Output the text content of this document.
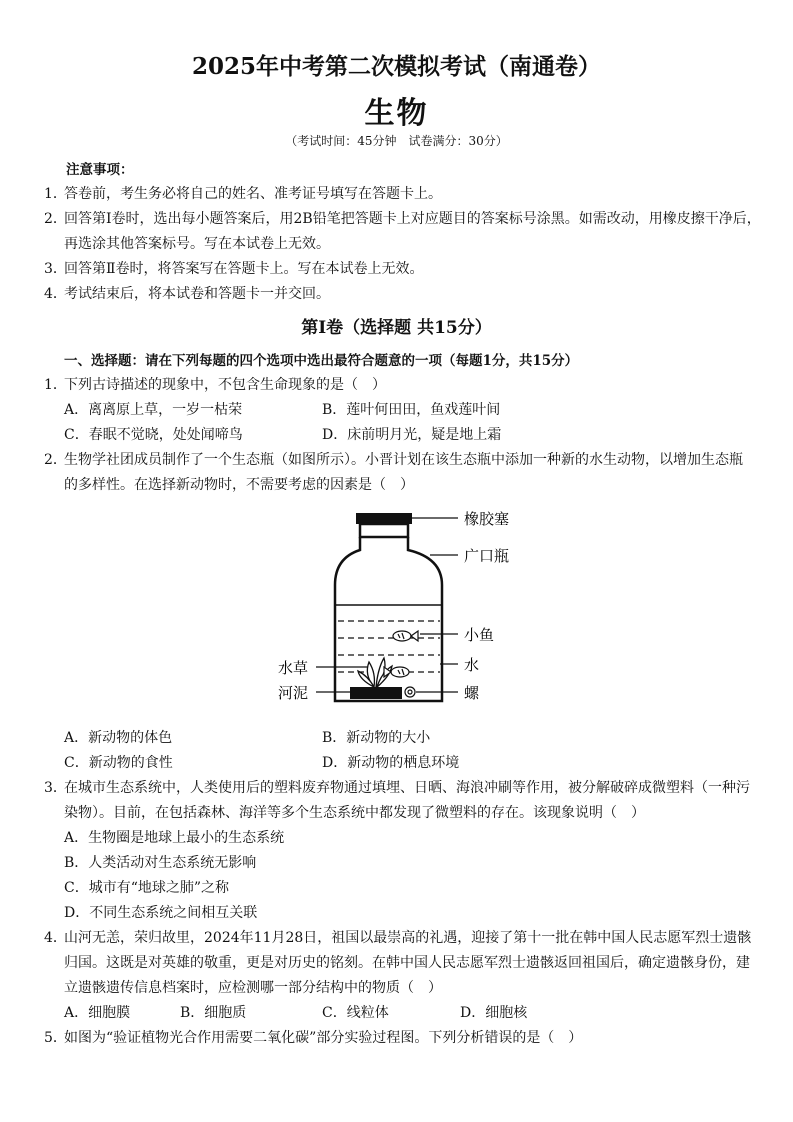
2025年中考第二次模拟考试（南通卷）
生物
（考试时间：45分钟　试卷满分：30分）
注意事项：
1．
答卷前，考生务必将自己的姓名、准考证号填写在答题卡上。
2．
回答第Ⅰ卷时，选出每小题答案后，用2B铅笔把答题卡上对应题目的答案标号涂黑。如需改动，用橡皮擦干净后，
再选涂其他答案标号。写在本试卷上无效。
3．
回答第Ⅱ卷时，将答案写在答题卡上。写在本试卷上无效。
4．
考试结束后，将本试卷和答题卡一并交回。
第Ⅰ卷（选择题 共15分）
一、选择题：请在下列每题的四个选项中选出最符合题意的一项（每题1分，共15分）
1．
下列古诗描述的现象中，不包含生命现象的是（　）
A．离离原上草，一岁一枯荣	B．莲叶何田田，鱼戏莲叶间
C．春眠不觉晓，处处闻啼鸟	D．床前明月光，疑是地上霜
2．
生物学社团成员制作了一个生态瓶（如图所示）。小晋计划在该生态瓶中添加一种新的水生动物，以增加生态瓶
的多样性。在选择新动物时，不需要考虑的因素是（　）
橡胶塞
广口瓶
小鱼
水
螺
水草
河泥
A．新动物的体色	B．新动物的大小
C．新动物的食性	D．新动物的栖息环境
3．
在城市生态系统中，人类使用后的塑料废弃物通过填埋、日晒、海浪冲刷等作用，被分解破碎成微塑料（一种污
染物）。目前，在包括森林、海洋等多个生态系统中都发现了微塑料的存在。该现象说明（　）
A．生物圈是地球上最小的生态系统
B．人类活动对生态系统无影响
C．城市有“地球之肺”之称
D．不同生态系统之间相互关联
4．
山河无恙，荣归故里，2024年11月28日，祖国以最崇高的礼遇，迎接了第十一批在韩中国人民志愿军烈士遗骸
归国。这既是对英雄的敬重，更是对历史的铭刻。在韩中国人民志愿军烈士遗骸返回祖国后，确定遗骸身份，建
立遗骸遗传信息档案时，应检测哪一部分结构中的物质（　）
A．细胞膜	B．细胞质	C．线粒体	D．细胞核
5．
如图为“验证植物光合作用需要二氧化碳”部分实验过程图。下列分析错误的是（　）
